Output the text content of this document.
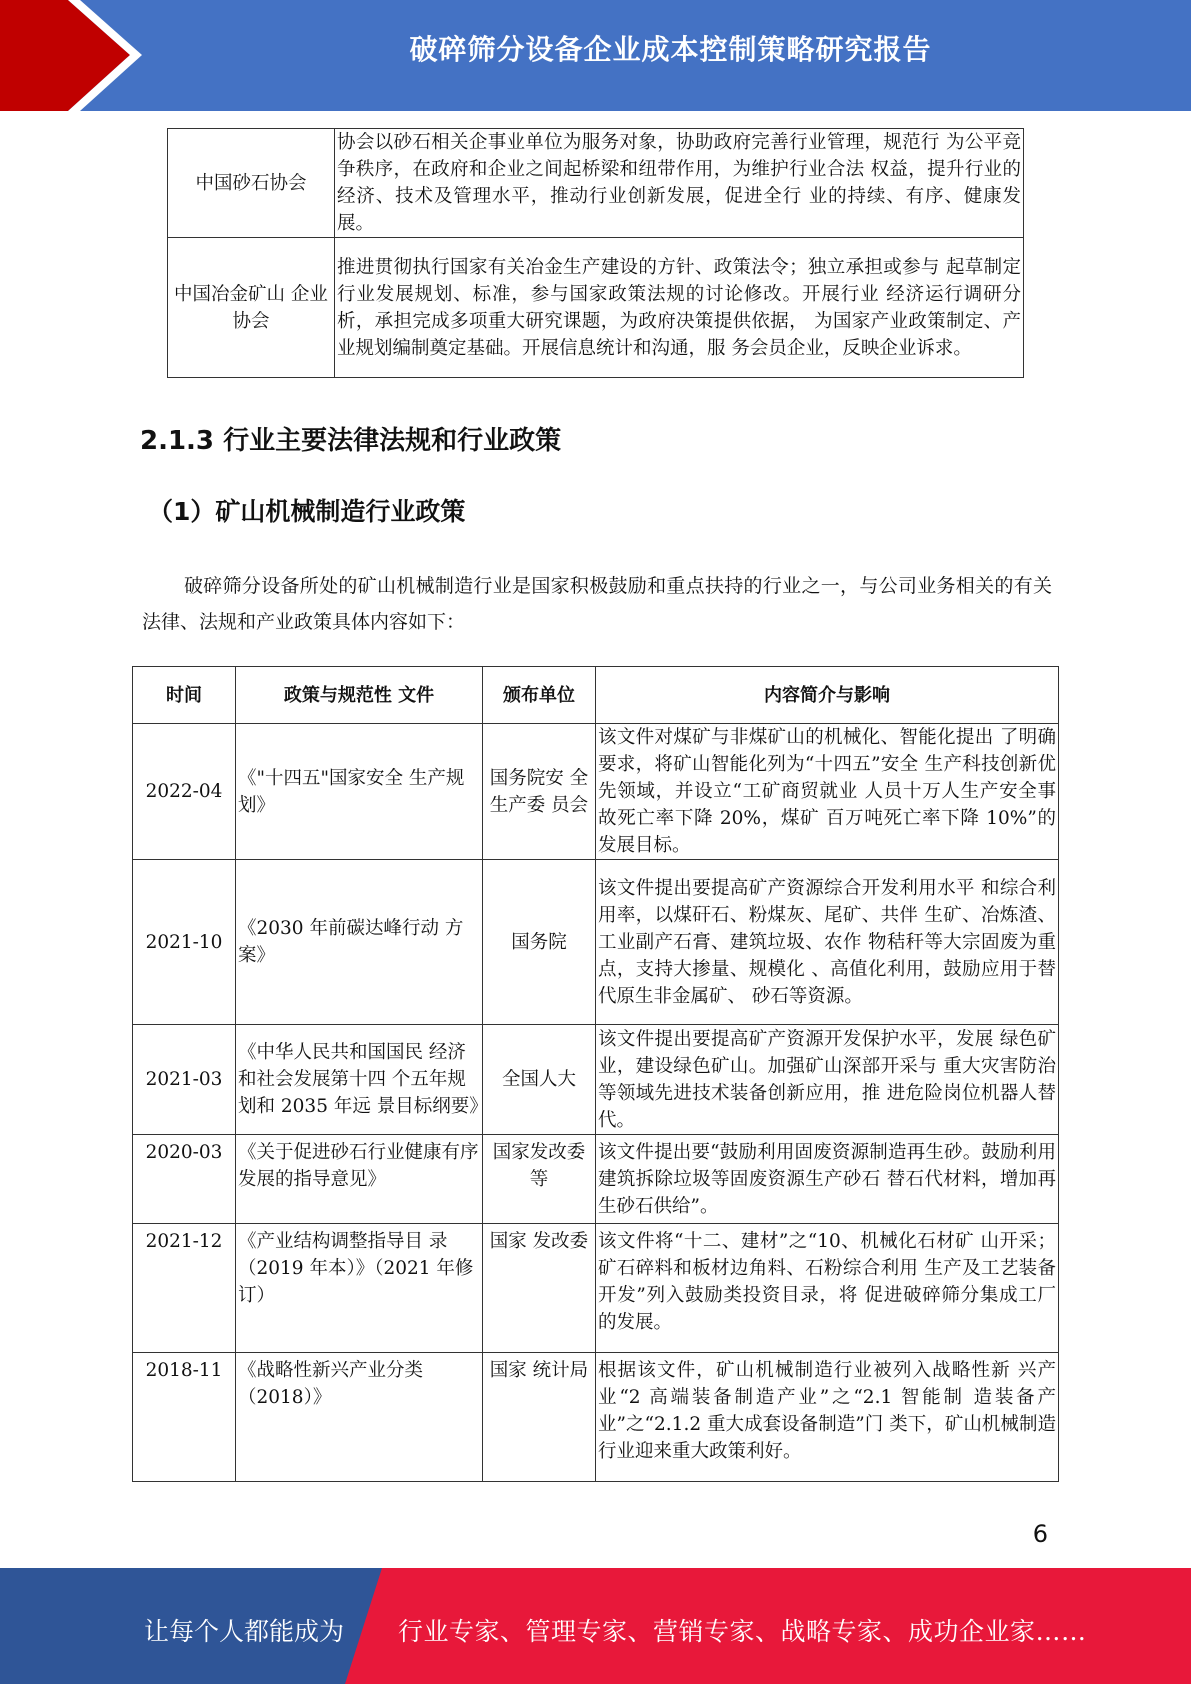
破碎筛分设备企业成本控制策略研究报告
中国砂石协会	协会以砂石相关企事业单位为服务对象，协助政府完善行业管理，规范行 为公平竞争秩序，在政府和企业之间起桥梁和纽带作用，为维护行业合法 权益，提升行业的经济、技术及管理水平，推动行业创新发展，促进全行 业的持续、有序、健康发展。
中国冶金矿山 企业协会	推进贯彻执行国家有关冶金生产建设的方针、政策法令；独立承担或参与 起草制定行业发展规划、标准，参与国家政策法规的讨论修改。开展行业 经济运行调研分析，承担完成多项重大研究课题，为政府决策提供依据， 为国家产业政策制定、产业规划编制奠定基础。开展信息统计和沟通，服 务会员企业，反映企业诉求。
2.1.3 行业主要法律法规和行业政策
（1）矿山机械制造行业政策
破碎筛分设备所处的矿山机械制造行业是国家积极鼓励和重点扶持的行业之一，与公司业务相关的有关法律、法规和产业政策具体内容如下：
时间	政策与规范性 文件	颁布单位	内容简介与影响
2022-04	《"十四五"国家安全 生产规划》	国务院安 全生产委 员会	该文件对煤矿与非煤矿山的机械化、智能化提出 了明确要求，将矿山智能化列为“十四五”安全 生产科技创新优先领域，并设立“工矿商贸就业 人员十万人生产安全事故死亡率下降 20%，煤矿 百万吨死亡率下降 10%”的发展目标。
2021-10	《2030 年前碳达峰行动 方案》	国务院	该文件提出要提高矿产资源综合开发利用水平 和综合利用率，以煤矸石、粉煤灰、尾矿、共伴 生矿、冶炼渣、工业副产石膏、建筑垃圾、农作 物秸秆等大宗固废为重点，支持大掺量、规模化 、高值化利用，鼓励应用于替代原生非金属矿、 砂石等资源。
2021-03	《中华人民共和国国民 经济和社会发展第十四 个五年规划和 2035 年远 景目标纲要》	全国人大	该文件提出要提高矿产资源开发保护水平，发展 绿色矿业，建设绿色矿山。加强矿山深部开采与 重大灾害防治等领域先进技术装备创新应用，推 进危险岗位机器人替代。
2020-03	《关于促进砂石行业健康有序发展的指导意见》	国家发改委等	该文件提出要“鼓励利用固废资源制造再生砂。鼓励利用建筑拆除垃圾等固废资源生产砂石 替石代材料，增加再生砂石供给”。
2021-12	《产业结构调整指导目 录（2019 年本）》（2021 年修订）	国家 发改委	该文件将“十二、建材”之“10、机械化石材矿 山开采；矿石碎料和板材边角料、石粉综合利用 生产及工艺装备开发”列入鼓励类投资目录，将 促进破碎筛分集成工厂的发展。
2018-11	《战略性新兴产业分类（2018）》	国家 统计局	根据该文件，矿山机械制造行业被列入战略性新 兴产业“2 高端装备制造产业”之“2.1 智能制 造装备产业”之“2.1.2 重大成套设备制造”门 类下，矿山机械制造行业迎来重大政策利好。
6
让每个人都能成为 行业专家、管理专家、营销专家、战略专家、成功企业家……
